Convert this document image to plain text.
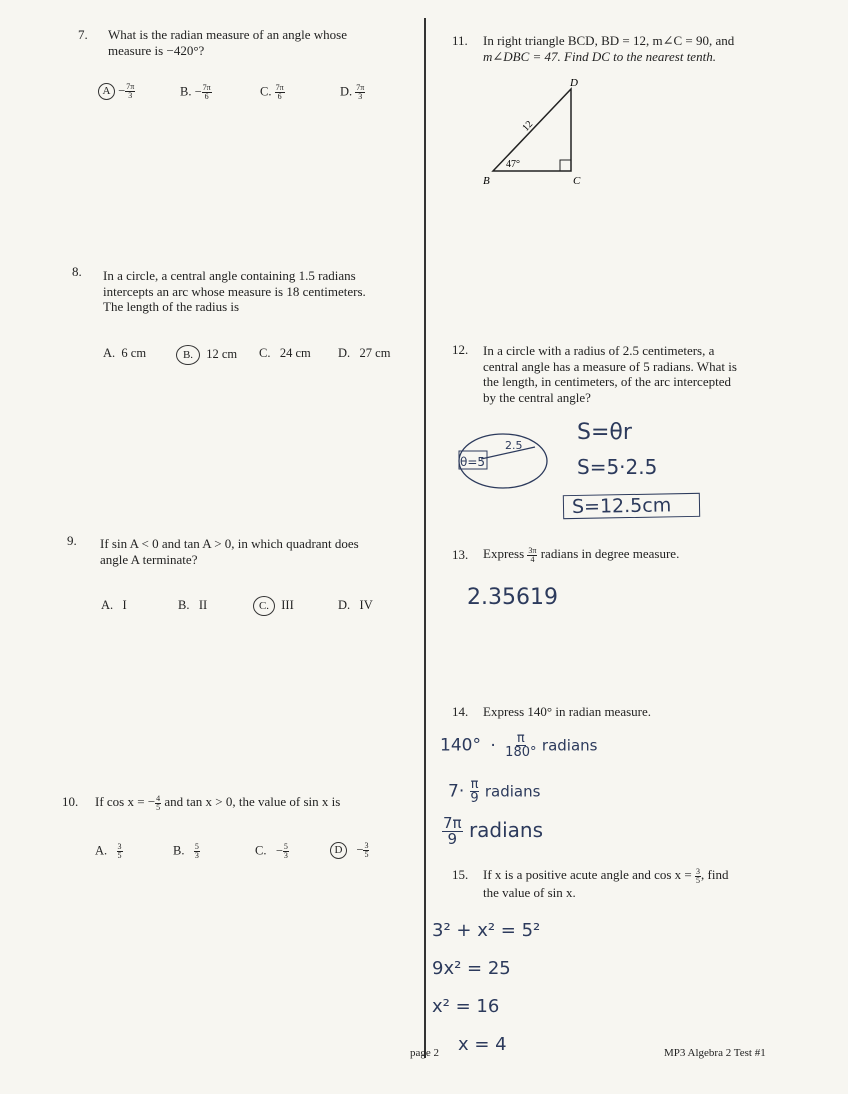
7. What is the radian measure of an angle whose
measure is −420°?
$A - \frac{7\pi}{3}$	B. − $\frac{7\pi}{6}$	C. $\frac{7\pi}{6}$	D. $\frac{7\pi}{3}$
8. In a circle, a central angle containing 1.5 radians
intercepts an arc whose measure is 18 centimeters.
The length of the radius is
A. 6 cm	B. 12 cm C. 24 cm D. 27 cm
9. If sin A < 0 and tan A > 0, in which quadrant does
angle A terminate?
A. I	B. II	C. III	D. IV
10. If cos x = − $\frac{4}{5}$ and tan x > 0, the value of sin x is
A. $\frac{3}{5}$	B. $\frac{5}{3}$	C. − $\frac{5}{3}$	$D - \frac{3}{5}$
11. In right triangle BCD, BD = 12, m∠C = 90, and
m∠DBC = 47. Find DC to the nearest tenth.
D
B	C
12
47°
12. In a circle with a radius of 2.5 centimeters, a
central angle has a measure of 5 radians. What is
the length, in centimeters, of the arc intercepted
by the central angle?
θ=5
2.5
S=θr
S=5·2.5
S=12.5cm
13. Express $\frac{3\pi}{4}$ radians in degree measure.
2.35619
14. Express 140° in radian measure.
$140^\circ \cdot \frac{\pi}{180^\circ}$ radians
$7\cdot \frac{\pi}{9}$ radians
$\frac{7\pi}{9}$ radians
15. If x is a positive acute angle and $\cos x = \frac{3}{5}$ , find
the value of sin x.
3² + x² = 5²
9x² = 25
x² = 16
x = 4
page 2	MP3 Algebra 2 Test #1
